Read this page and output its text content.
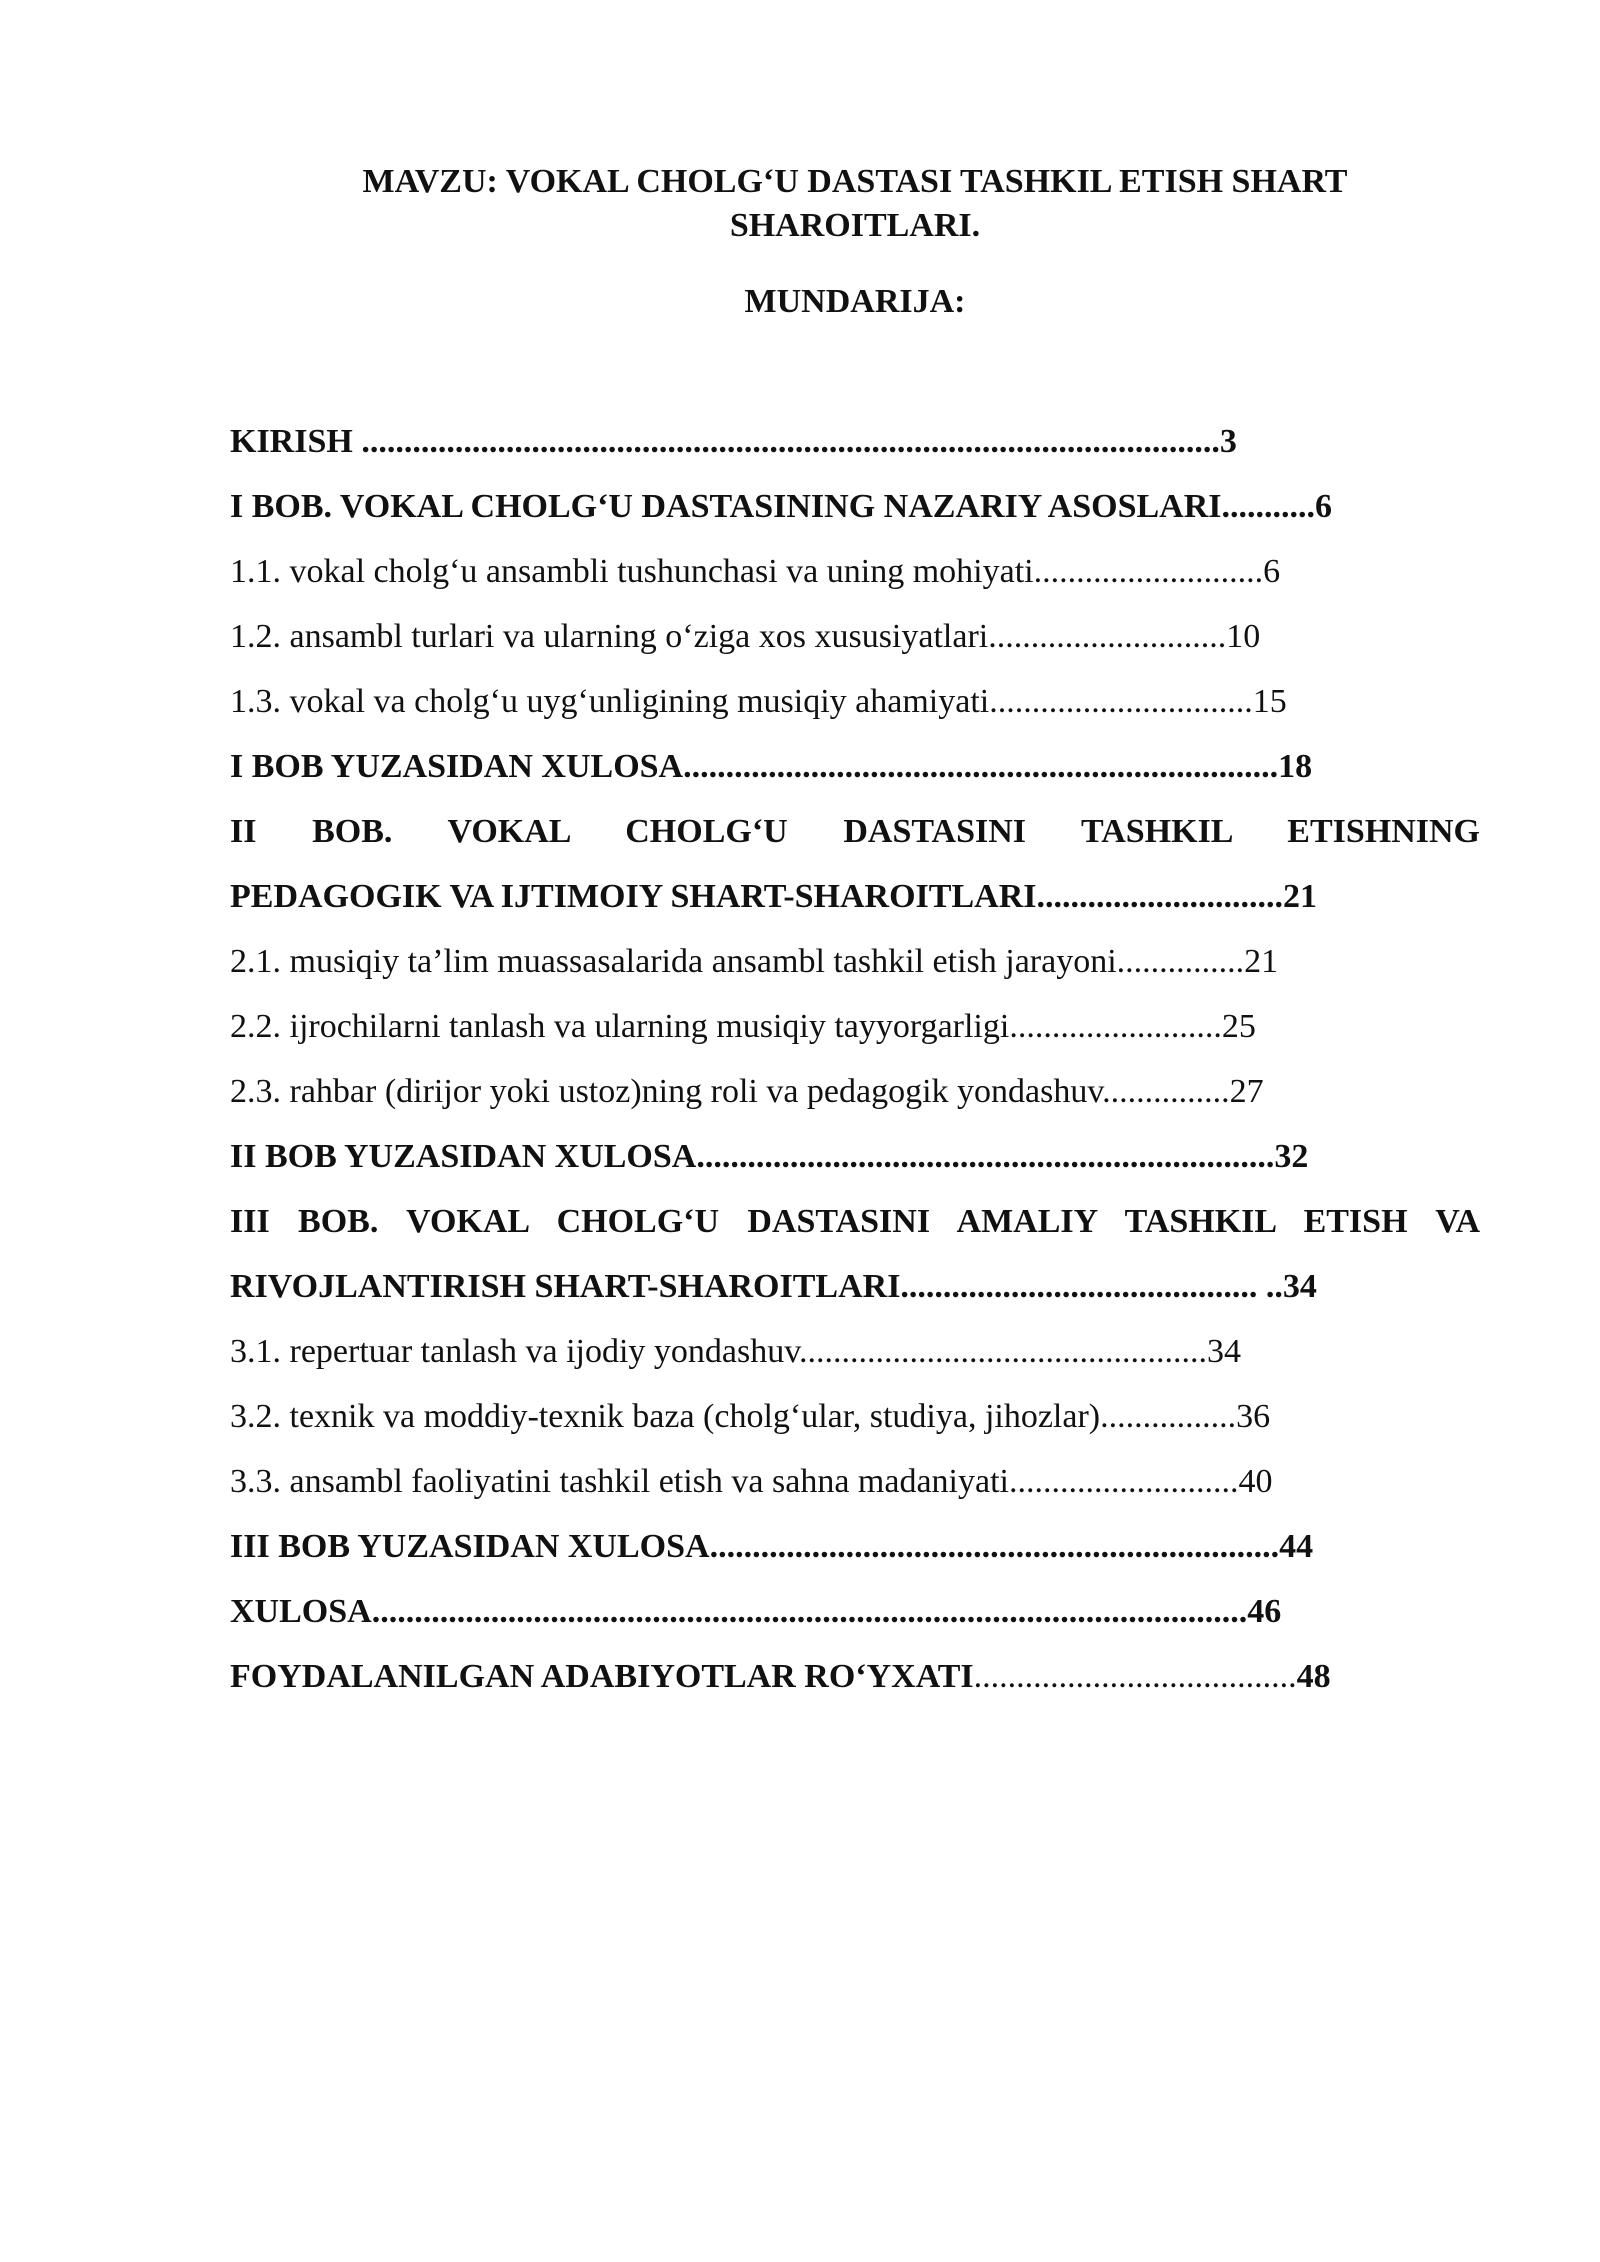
MAVZU: VOKAL CHOLG‘U DASTASI TASHKIL ETISH SHART
SHAROITLARI.
MUNDARIJA:
KIRISH .....................................................................................................3
I BOB. VOKAL CHOLG‘U DASTASINING NAZARIY ASOSLARI...........6
1.1. vokal cholg‘u ansambli tushunchasi va uning mohiyati...........................6
1.2. ansambl turlari va ularning o‘ziga xos xususiyatlari............................10
1.3. vokal va cholg‘u uyg‘unligining musiqiy ahamiyati...............................15
I BOB YUZASIDAN XULOSA......................................................................18
II BOB. VOKAL CHOLG‘U DASTASINI TASHKIL ETISHNING
PEDAGOGIK VA IJTIMOIY SHART-SHAROITLARI.............................21
2.1. musiqiy ta’lim muassasalarida ansambl tashkil etish jarayoni...............21
2.2. ijrochilarni tanlash va ularning musiqiy tayyorgarligi.........................25
2.3. rahbar (dirijor yoki ustoz)ning roli va pedagogik yondashuv...............27
II BOB YUZASIDAN XULOSA....................................................................32
III BOB. VOKAL CHOLG‘U DASTASINI AMALIY TASHKIL ETISH VA
RIVOJLANTIRISH SHART-SHAROITLARI.......................................... ..34
3.1. repertuar tanlash va ijodiy yondashuv................................................34
3.2. texnik va moddiy-texnik baza (cholg‘ular, studiya, jihozlar)................36
3.3. ansambl faoliyatini tashkil etish va sahna madaniyati...........................40
III BOB YUZASIDAN XULOSA...................................................................44
XULOSA.......................................................................................................46
FOYDALANILGAN ADABIYOTLAR RO‘YXATI......................................48
